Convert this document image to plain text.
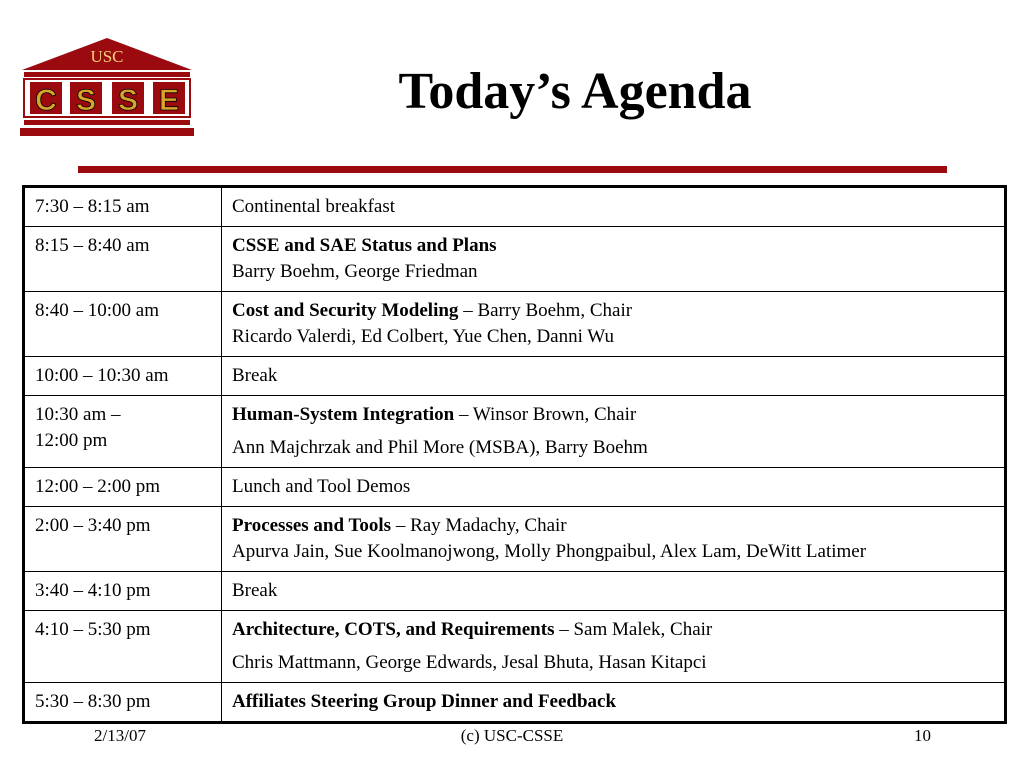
USC
C S S E	Today’s Agenda
7:30 – 8:15 am	Continental breakfast

8:15 – 8:40 am	CSSE and SAE Status and Plans
Barry Boehm, George Friedman

8:40 – 10:00 am	Cost and Security Modeling – Barry Boehm, Chair
Ricardo Valerdi, Ed Colbert, Yue Chen, Danni Wu

10:00 – 10:30 am	Break

10:30 am –
12:00 pm	Human-System Integration – Winsor Brown, Chair
Ann Majchrzak and Phil More (MSBA), Barry Boehm

12:00 – 2:00 pm	Lunch and Tool Demos

2:00 – 3:40 pm	Processes and Tools – Ray Madachy, Chair
Apurva Jain, Sue Koolmanojwong, Molly Phongpaibul, Alex Lam, DeWitt Latimer

3:40 – 4:10 pm	Break

4:10 – 5:30 pm	Architecture, COTS, and Requirements – Sam Malek, Chair
Chris Mattmann, George Edwards, Jesal Bhuta, Hasan Kitapci

5:30 – 8:30 pm	Affiliates Steering Group Dinner and Feedback
2/13/07	(c) USC-CSSE	10
